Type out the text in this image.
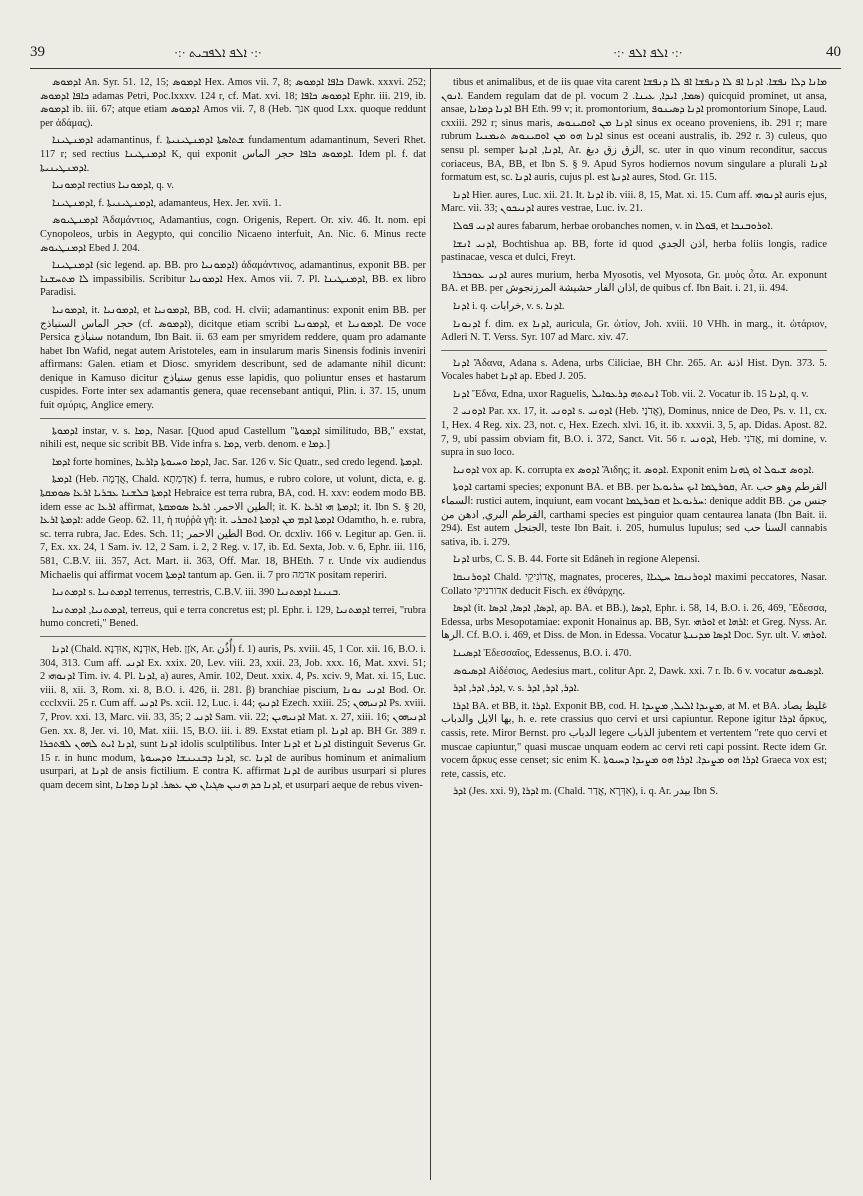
39	·:· ܐܠܦ ܐܠܦܒܝܬ ·:·	·:· ܐܠܦ ܐܠܦ ·:·	40

ܐܕܡܘܣ An. Syr. 51. 12, 15; ܐܕܡܘܣ Hex. Amos vii. 7, 8; ܟܐܦܐ ܐܕܡܘܣ Dawk. xxxvi. 252; ܟܐܦܐ ܐܕܡܘܣ adamas Petri, Poc.lxxxv. 124 r, cf. Mat. xvi. 18; ܐܕܡܘܣ ܟܐܦܐ Ephr. iii. 219, ib. ܐܕܡܘܣ ib. iii. 67; atque etiam ܐܕܡܘܣ Amos vii. 7, 8 (Heb. אנך quod Lxx. quoque reddunt per ἀδάμας).

ܐܕܡܢܛܝܢܐ adamantinus, f. ܫܬܐܣܬܐ ܐܕܡܢܛܝܢܝܬܐ fundamentum adamantinum, Severi Rhet. 117 r; sed rectius ܐܕܡܢܛܝܢܐ K, qui exponit ܐܕܡܘܣ ܟܐܦܐ حجر الماس. Idem pl. f. dat ܐܕܡܢܛܝܢܝܬܐ.

ܐܕܡܘܢܝܐ rectius ܐܕܡܘܢܝܐ, q. v.

ܐܕܡܢܛܝܢܐ, f. ܐܕܡܢܛܝܢܝܬܐ, adamanteus, Hex. Jer. xvii. 1.

ܐܕܡܢܛܝܘܣ Ἀδαμάντιος, Adamantius, cogn. Origenis, Repert. Or. xiv. 46. It. nom. epi Cynopoleos, urbis in Aegypto, qui concilio Nicaeno interfuit, An. Nic. 6. Minus recte ܐܕܡܢܛܝܘܣ Ebed J. 204.

ܐܕܡܢܛܝܢܐ (sic legend. ap. BB. pro ܐܕܡܘܢܝܐ) ἀδαμάντινος, adamantinus, exponit BB. per ܠܐ ܡܬܚܫܢܐ impassibilis. Scribitur ܐܕܡܘܢܝܐ Hex. Amos vii. 7. Pl. ܐܕܡܢܛܝܢܐ, BB. ex libro Paradisi.

ܐܕܡܘܢܝܐ, it. ܐܕܡܘܢܝܐ, et ܐܕܡܘܢܝܐ, BB, cod. H. clvii; adamantinus: exponit enim BB. per حجر الماس السنباذج (cf. ܐܕܡܘܣ), dicitque etiam scribi ܐܕܡܘܢܝܐ, et ܐܕܡܘܢܝܐ. De voce Persica سنباذج notandum, Ibn Bait. ii. 63 eam per smyridem reddere, quam pro adamante habet Ibn Wafid, negat autem Aristoteles, eam in insularum maris Sinensis fodinis inveniri affirmans: Galen. etiam et Diosc. smyridem describunt, sed de adamante nihil dicunt: denique in Kamuso dicitur سنباذج genus esse lapidis, quo poliuntur enses et hastarum cuspides. Forte inter sex adamantis genera, quae recensebant antiqui, Plin. i. 37. 15, unum fuit σμύρις, Anglice emery.

ܐܕܡܘܬܐ instar, v. s. ܕܡܐ, Nasar. [Quod apud Castellum "ܐܕܡܘܬܐ similitudo, BB," exstat, nihili est, neque sic scribit BB. Vide infra s. ܕܡܐ, verb. denom. e ܕܡܐ.]

ܐܕܡܐ forte homines, ܐܕܡܐ ܘܚܝܘܬܐ ܕܐܪܥܐ, Jac. Sar. 126 v. Sic Quatr., sed credo legend. ܐܕܡܬܐ.

ܐܕܡܬܐ (Heb. אֲדָמָה, Chald. אַדְמְתָא) f. terra, humus, e rubro colore, ut volunt, dicta, e. g. ܐܕܡܬܐ ܒܠܫܢܐ ܥܒܪܝܐ ܐܪܥܐ ܣܘܡܩܬܐ Hebraice est terra rubra, BA, cod. H. xxv: eodem modo BB. idem esse ac ܐܪܥܐ affirmat, الطين الاحمر. ܐܪܥܐ ܣܘܡܩܬܐ; it. K. ܐܕܡܬܐ ܗܝ ܐܪܥܐ; it. Ibn S. § 20, ܐܕܡܬܐ ܐܪܥܐ: adde Geop. 62. 11, ἡ πυῤῥὰ γῆ: it. ܐܕܡܬܐ ܐܕܡ ܡܢ ܐܕܡܬܐ ܐܬܒܪܝ Odamtho, h. e. rubra, sc. terra rubra, Jac. Edes. Sch. 11; الطين الاحمر Bod. Or. dcxliv. 166 v. Legitur ap. Gen. ii. 7, Ex. xx. 24, 1 Sam. iv. 12, 2 Sam. i. 2, 2 Reg. v. 17, ib. Ed. Sexta, Job. v. 6, Ephr. iii. 116, 581, C.B.V. iii. 357, Act. Mart. ii. 363, Off. Mar. 18, BHEth. 7 r. Unde vix audiendus Michaelis qui affirmat vocem ܐܕܡܬܐ tantum ap. Gen. ii. 7 pro אדמה positam reperiri.

ܐܕܡܬܢܝܐ s. ܐܕܡܬܢܝܐ terrenus, terrestris, C.B.V. iii. 390 ܒܢܝܢܐ ܐܕܡܬܢܝܐ.

ܐܕܡܬܢܝܐ, ܐܕܡܬܢܝܐ, terreus, qui e terra concretus est; pl. Ephr. i. 129, ܐܕܡܬܢܝܐ terrei, "rubra humo concreti," Bened.

ܐܕܢܐ (Chald. אוּדְנָא ,אוּדְנָא, Heb. אֹזֶן, Ar. أُذُن) f. 1) auris, Ps. xviii. 45, 1 Cor. xii. 16, B.O. i. 304, 313. Cum aff. ܐܕܢܝ Ex. xxix. 20, Lev. viii. 23, xxii. 23, Job. xxx. 16, Mat. xxvi. 51; ܐܕܢܘܗܝ 2 Tim. iv. 4. Pl. ܐܕܢܐ, a) aures, Amir. 102, Deut. xxix. 4, Ps. xciv. 9, Mat. xi. 15, Luc. viii. 8, xii. 3, Rom. xi. 8, B.O. i. 426, ii. 281. β) branchiae piscium, ܐܕܢܝ ܢܘܢܐ Bod. Or. ccclxvii. 25 r. Cum aff. ܐܕܢܝ Ps. xcii. 12, Luc. i. 44; ܐܕܢܝܟ Ezech. xxiii. 25; ܐܕܢܝܗܘܢ Ps. xviii. 7, Prov. xxi. 13, Marc. vii. 33, 35; ܐܕܢܝ 2 Sam. vii. 22; ܐܕܢܝܗܝܢ Mat. x. 27, xiii. 16; ܐܕܢܝܗܘܢ Gen. xx. 8, Jer. vi. 10, Mat. xiii. 15, B.O. iii. i. 89. Exstat etiam pl. ܐܕܢܐ ap. BH Gr. 389 r. ܐܕܢܐ ܐܝܬ ܠܗܘܢ ܠܦܬܟܪܐ, sunt ܐܕܢܐ idolis sculptilibus. Inter ܐܕܢܐ et ܐܕܢܐ distinguit Severus Gr. 15 r. in hunc modum, ܐܕܢܐ ܕܒܢܝܢܫܐ ܘܕܚܝܘܬܐ, sc. ܐܕܢܐ de auribus hominum et animalium usurpari, at ܐܕܢܐ de ansis fictilium. E contra K. affirmat ܐܕܢܐ de auribus usurpari si plures quam decem sint, ܐܕܢܐ ܟܕ ܗܢܝܢ ܣܓܝܐܢ ܡܢ ܥܣܪ. ܐܕܢܐ ܕܡܐܢܐ, et usurpari aeque de rebus viven-

tibus et animalibus, et de iis quae vita carent ܡܐܢܐ ܕܠܐ ܢܦܫܐ. ܐܕܢܐ ܐܦ ܠܐ ܕܢܦܫܐ ܐܦ ܠܐ ܕܢܦܫܐ ܐܢܘܢ. Eandem regulam dat de pl. vocum ܣܡܐ, ܐܝܕܐ, ܥܝܢܐ. 2) quicquid prominet, ut ansa, ansae, ܐܕܢܐ ܕܡܐܢܐ BH Eth. 99 v; it. promontorium, ܐܕܢܐ ܕܣܝܢܘܦ promontorium Sinope, Laud. cxxiii. 292 r; sinus maris, ܐܕܢܐ ܡܢ ܐܘܩܝܢܘܣ sinus ex oceano proveniens, ib. 291 r; mare rubrum ܐܕܢܐ ܗܘ ܡܢ ܐܘܩܝܢܘܣ ܬܝܡܢܝܐ sinus est oceani australis, ib. 292 r. 3) culeus, quo sensu pl. semper ܐܕܢܐ, ܐܕܢܬܐ, Ar. الزق زق دبغ, sc. uter in quo vinum reconditur, saccus coriaceus, BA, BB, et Ibn S. § 9. Apud Syros hodiernos novum singulare a plurali ܐܕܢܐ formatum est, sc. ܐܕܢܐ auris, cujus pl. est ܐܕܢܬܐ aures, Stod. Gr. 115.

ܐܕܢܐ Hier. aures, Luc. xii. 21. It. ܐܕܢܐ ib. viii. 8, 15, Mat. xi. 15. Cum aff. ܐܕܢܘܗܝ auris ejus, Marc. vii. 33; ܐܕܢܝܟܘܢ aures vestrae, Luc. iv. 21.

ܐܕܢܝ ܦܘܠܐ aures fabarum, herbae orobanches nomen, v. in ܦܘܠܐ, et ܐܘܪܘܒܢܟܐ.

ܐܕܢܝ ܐܢܫܐ, Bochtishua ap. BB, forte id quod اذن الجدي, herba foliis longis, radice pastinacae, vesca et dulci, Freyt.

ܐܕܢܝ ܥܘܟܒܪܐ aures murium, herba Myosotis, vel Myosota, Gr. μυὸς ὦτα. Ar. exponunt BA. et BB. per اذان الفار حشيشة المرزنجوش, de quibus cf. Ibn Bait. i. 21, ii. 494.

ܐܕܢܐ i. q. خرابات, v. s. ܐܕܢܐ.

ܐܕܢܘܢܐ f. dim. ex ܐܕܢܐ, auricula, Gr. ὠτίον, Joh. xviii. 10 VHh. in marg., it. ὠτάριον, Adleri N. T. Verss. Syr. 107 ad Marc. xiv. 47.

ܐܕܢܐ Ἄδανα, Adana s. Adena, urbs Ciliciae, BH Chr. 265. Ar. اذنة Hist. Dyn. 373. 5. Vocales habet ܐܕܢܐ ap. Ebed J. 205.

ܐܕܢܐ Ἔδνα, Edna, uxor Raguelis, ܐܢܬܬܗ ܕܪܥܘܐܝܠ Tob. vii. 2. Vocatur ib. 15 ܐܕܢܐ, q. v.

ܐܕܘܢܝ 2 Par. xx. 17, it. ܐܕܘܢܝ s. ܐܕܘܢܝ (Heb. אֲדֹנָי), Dominus, nnice de Deo, Ps. v. 11, cx. 1, Hex. 4 Reg. xix. 23, not. c, Hex. Ezech. xlvi. 16, it. ib. xxxvii. 3, 5, ap. Didas. Apost. 82. 7, 9, ubi passim obviam fit, B.O. i. 372, Sanct. Vit. 56 r. ܐܕܘܢܝ, Heb. אֲדֹנִי, mi domine, v. supra in suo loco.

ܐܕܘܢܝܐ vox ap. K. corrupta ex ܐܕܘܣ Ἅιδης; it. ܐܕܘܣ. Exponit enim ܐܕܘܣ ܫܝܘܠ ܐܘ ܓܗܢܐ.

ܐܕܘܬܐ cartami species; exponunt BA. et BB. per ܩܘܪܛܡܐ ܐܝܟ ܚܪܝܘܥܐ, Ar. القرطم وهو حب السماء: rustici autem, inquiunt, eam vocant ܩܘܪܛܡܐ et ܚܪܝܘܥܐ: denique addit BB. جنس من القرطم البري, ادهن من, carthami species est pinguior quam centaurea lanata (Ibn Bait. ii. 294). Est autem الجنجل, teste Ibn Bait. i. 205, humulus lupulus; sed السنا حب cannabis sativa, ib. i. 279.

ܐܕܢܐ urbs, C. S. B. 44. Forte sit Edâneh in regione Alepensi.

ܐܕܘܪܢܝܩܐ Chald. אֲדוֹנִיקֵי, magnates, proceres, ܐܕܘܪܢܝܩܐ ܚܛܝܐܐ maximi peccatores, Nasar. Collato אדורניקי deducit Fisch. ex ἐθνάρχης.

ܐܕܣܐ (it. ܐܕܣܐ, ܐܕܣܐ, ܐܕܣܐ, ap. BA. et BB.), ܐܕܣܐ, Ephr. i. 58, 14, B.O. i. 26, 469, Ἔδεσσα, Edessa, urbs Mesopotamiae: exponit Honainus ap. BB, Syr. ܐܘܪܗܝ et ܐܪܗܐ: et Greg. Nyss. Ar. الرها. Cf. B.O. i. 469, et Diss. de Mon. in Edessa. Vocatur ܐܕܣܐ ܡܕܝܢܬܐ Doc. Syr. ult. V. ܐܘܪܗܝ.

ܐܕܣܝܢܐ Ἐδεσσαῖος, Edessenus, B.O. i. 470.

ܐܕܣܝܘܣ Αἰδέσιος, Aedesius mart., colitur Apr. 2, Dawk. xxi. 7 r. Ib. 6 v. vocatur ܐܕܣܝܘܣ.

ܐܕܪ, ܐܕܪ, ܐܕܪ, v. s. ܐܕܪ, ܐܕܪ, ܐܕܪ.

ܐܕܪܐ BA. et BB, it. ܐܕܪܐ. Exponit BB, cod. H. ܡܨܝܕܐ ܐܠܝܠ, ܡܨܝܕܐ, at M. et BA. غليظ يصاد بها الايل والدباب, h. e. rete crassius quo cervi et ursi capiuntur. Repone igitur ܐܕܪܐ ἄρκυς, cassis, rete. Miror Bernst. pro الدباب legere الذباب jubentem et vertentem "rete quo cervi et muscae capiuntur," quasi muscae unquam eodem ac cervi reti capi possint. Recte idem Gr. vocem ἄρκυς esse censet; sic enim K. ܐܕܪܐ ܗܘ ܡܨܝܕܐ. ܐܕܪܐ ܗܘ ܡܨܝܕܐ ܕܚܝܘܬܐ Graeca vox est; rete, cassis, etc.

ܐܕܪ (Jes. xxi. 9), ܐܕܪܐ m. (Chald. אִדְּרָא ,אֲדַר), i. q. Ar. بيدر Ibn S.
